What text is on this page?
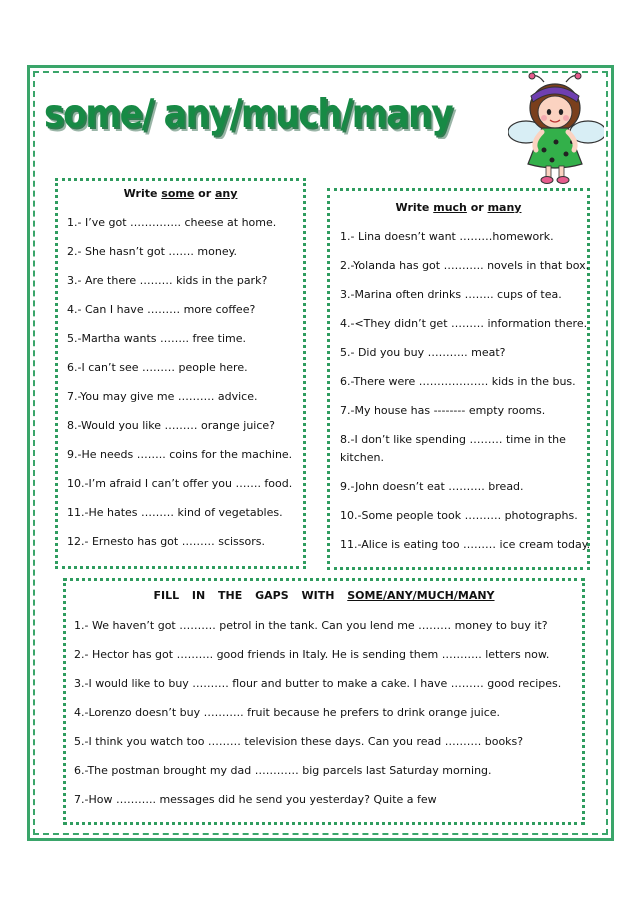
some/ any/much/many
Write some or any

1.- I’ve got ………….. cheese at home.

2.- She hasn’t got ……. money.

3.- Are there ……… kids in the park?

4.- Can I have ……… more coffee?

5.-Martha wants …….. free time.

6.-I can’t see ……… people here.

7.-You may give me ………. advice.

8.-Would you like ……… orange juice?

9.-He needs …….. coins for the machine.

10.-I’m afraid I can’t offer you ……. food.

11.-He hates ……… kind of vegetables.

12.- Ernesto has got ……… scissors.

Write much or many

1.- Lina doesn’t want ………homework.

2.-Yolanda has got ……….. novels in that box.

3.-Marina often drinks …….. cups of tea.

4.-<They didn’t get ……… information there.

5.- Did you buy ……….. meat?

6.-There were ………………. kids in the bus.

7.-My house has -------- empty rooms.

8.-I don’t like spending ……… time in the kitchen.

9.-John doesn’t eat ………. bread.

10.-Some people took ………. photographs.

11.-Alice is eating too ……… ice cream today.

FILL IN THE GAPS WITH SOME/ANY/MUCH/MANY

1.- We haven’t got ………. petrol in the tank. Can you lend me ……… money to buy it?

2.- Hector has got ………. good friends in Italy. He is sending them ……….. letters now.

3.-I would like to buy ………. flour and butter to make a cake. I have ……… good recipes.

4.-Lorenzo doesn’t buy ……….. fruit because he prefers to drink orange juice.

5.-I think you watch too ……… television these days. Can you read ………. books?

6.-The postman brought my dad ………… big parcels last Saturday morning.

7.-How ……….. messages did he send you yesterday? Quite a few
